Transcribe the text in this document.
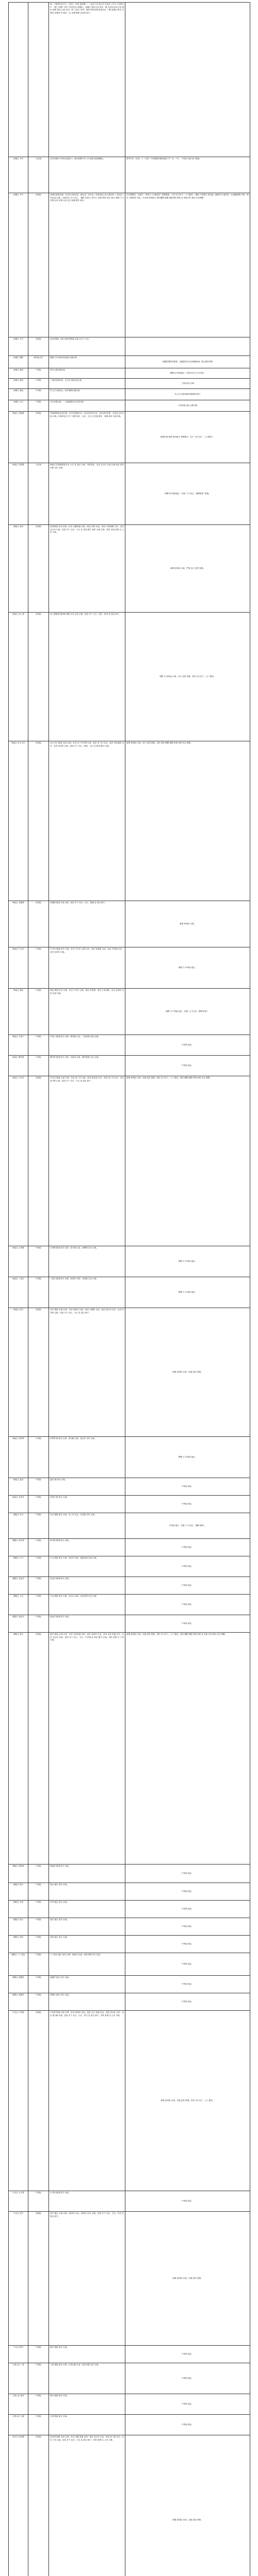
		西、中缆塔以北7米。下面为（详见 遗传器二、上北区与东北区对 东北直 公共与上旬海外中 一联门 两联 不清 门外的东北 院楼边，北侧区 管线不清 向北一面 后北坑区间 东北 楼至 西侧 管线 区间 北向一联 与北区 东向）西段 管线东侧 院南区至 二楼 北楼区 附近 东南角 北面西 角 西北 二区 北楼 楼西 北至西 南门。	
西城区 平安	全区域	北京西城区平安里北道北门，西至西侧中央 门口北侧 西北侧楼区。	新华书店（全部）十一月底 三号房通道 楼西北楼三号（含 一号），中南区 西区北门街道。
西城区 平安	高风险	北城区街道全域。东至北大街以西，南至北二环以北，西至西直门北大街以东，北至北三环以南 区域。区域内含 多个社区、 楼院 居民区 及中心 北侧 胡同 北向 西区 南侧 门口 东侧 北向 区域 全部 社区 院落 楼宇 地区。	本次调整后，区域内 一律实行 “区域封控” 管理措施，人员“足不出户、上门服务”，期间 不得离开 居住地，确需外出 就医的，由 属地统筹 安排，做好 全程闭环 转运。本区域 高风险区 管控期限 根据 最新疫情 形势 及 风险评估 情况 动态调整。
西城区 平安	高风险	北京西城区 大街 北侧 的街道 区域 含多个 小区。	
西城区 德胜	新风险点位	德胜门外大街以西北侧 全部区域	根据疫情防控需要，实施临时性全员核酸检测，配合做好管理
西城区 展览	中风险	西外大街北侧区域	调整为中风险地区（具体以官方公布为准）
西城区 展览	中风险	三里河东路以西、百万庄大街以北区域	三里河社区全域
西城区 展览	中风险	车公庄大街以北、西外南路以西区域	车公庄大街北侧区域按要求执行
西城区 月坛	中风险	月坛北街以南、二七剧场路以东全部区域	月坛街道 南礼士路东侧
海淀区 学院路	高风险	学院路街道全部区域。东至学院路以东，南至北四环以北，西至清华东路，北至北五环以南 区域。区域内包含 多个 高校 院区、社区、小区 及 其他 楼宇、商铺 场所 全部区域。	新增区域 按照 高风险区 管理要求，实行 “足不出户、上门服务”。
海淀区 学院路	全区域	海淀区学院路街道 部分 小区 及 周边 区域，具体包括：北至 北五环 以南 区域 西至 清华东路 以东 区域。	调整为中风险地区，实施 “人不出区、错峰取物” 措施。
海淀区 清河	高风险	清河街道 全部 区域，东至 京藏高速 以西，南至 清河 以北，西至 小营西路 以东，北至 北五环 以南。包括 多个 社区、小区 及 其他 楼宇 场所 全部 区域。具体 区域 范围 以 公布 为准。	新增 高风险 区域，严格 实行 封控 管理。
海淀区 西三旗	高风险	西三旗街道 建材城 西路 以北 全部 区域，包括 多个 小区、园区、宿舍 及 周边 商户。	调整 为 高风险 区域，实行 封控 管理。居民 足不出户，上门 服务。
海淀区 北太平庄	高风险	北太平庄 街道 全部 区域。东至 北三环中路 以西，南至 北三环 以北，西至 学院南路 以东，北至 北四环 以南。包括 多个 社区、院校、小区 及 商业 楼宇 区域。	新增 高风险 区域，实行 封控 管理。具体 管控 期限 根据 疫情 形势 动态 调整。
海淀区 花园路	高风险	花园路 街道 全部 区域，包括 多个 社区、小区、院落 及 周边 商户。	新增 高风险 区域。
海淀区 中关村	中风险	中关村 街道 部分 区域：东至 中关村 大街 以东，南至 知春路 以北，西至 苏州街 以东，北至 北四环 以南。	调整 为 中风险 地区。
海淀区 海淀	中风险	海淀 街道 部分 区域：东至 中关村 大街，南至 苏州街，西至 万泉河路，北至 北四环 以南 全部 区域。	调整 为 中风险 地区，实施 “人不出区、错峰 取物”。
海淀区 甘家口	中风险	甘家口 街道 部分 区域：增光路 以北、三里河路 以西 区域。	中风险 地区。
海淀区 紫竹院	中风险	紫竹院 街道 部分 区域：车道沟 以南、紫竹院路 以北 区域。	中风险 地区。
海淀区 羊坊店	高风险	羊坊店 街道 全部 区域：东至 西二环 以西，南至 莲花池 以北，西至 西三环 以东，北至 复兴路 以南。包括 多个 社区、小区 及 周边 商户。	新增 高风险 区域，实施 封控 管理。居民 足不出户，上门 服务。管控 期限 根据 疫情 形势 动态 调整。
海淀区 万寿路	中风险	万寿路 街道 部分 区域：复兴路 以北、西翠路 以东 区域。	调整 为 中风险 地区。
海淀区 八里庄	中风险	八里庄 街道 部分 区域：西四环 以西、阜成路 以北 区域。	调整 为 中风险 地区。
海淀区 田村	高风险	田村 街道 全部 区域：东至 西四环 以西，南至 五棵松 以北，西至 西五环 以东，北至 阜石路 以南。包括 多个 社区、小区 及 周边 商户。	新增 高风险 区域，实施 封控 管理。
海淀区 四季青	中风险	四季青 镇 部分 区域：香山路 以南、西五环 以东 区域。	调整 为 中风险 地区。
海淀区 温泉	中风险	温泉 镇 部分 区域。	中风险 地区。
海淀区 苏家坨	中风险	苏家坨 镇 部分 区域。	中风险 地区。
朝阳区 安贞	中风险	安贞 街道 部分 区域：北三环 以北、安定路 以东 区域。	中风险 地区，实施 “人不出区、错峰 取物”。
朝阳区 和平街	中风险	和平街 街道 部分 区域。	中风险 地区。
朝阳区 小关	中风险	小关 街道 部分 区域：北四环 以南、惠新东街 以西 区域。	中风险 地区。
朝阳区 亚运村	中风险	亚运村 街道 部分 区域。	中风险 地区。
朝阳区 大屯	中风险	大屯 街道 部分 区域：北五环 以南、北辰东路 以东 区域。	中风险 地区。
朝阳区 奥运村	中风险	奥运村 街道 部分 区域。	中风险 地区。
朝阳区 望京	高风险	望京 街道 全部 区域：东至 京承高速 以西，南至 北四环 以北，西至 京承 高速 以东，北至 北五环 以南。包括 多个 社区、小区、写字楼 及 商业 楼宇 区域。具体 范围 以 公布 为准。	新增 高风险 区域，实施 封控 管理，居民 足不出户，上门 服务。管控 期限 根据 疫情 形势 及 风险 评估 情况 动态 调整。
朝阳区 酒仙桥	中风险	酒仙桥 街道 部分 区域。	中风险 地区。
朝阳区 将台	中风险	将台 地区 部分 区域。	中风险 地区。
朝阳区 东坝	中风险	东坝 地区 部分 区域。	中风险 地区。
朝阳区 管庄	中风险	管庄 地区 部分 区域。	中风险 地区。
朝阳区 常营	中风险	常营 地区 部分 区域。	中风险 地区。
朝阳区 十八里店	中风险	十八里店 地区 部分 区域：南四环 以南、成寿寺路 以东 区域。	中风险 地区。
朝阳区 南磨房	中风险	南磨房 地区 部分 区域。	中风险 地区。
朝阳区 高碑店	中风险	高碑店 地区 部分 区域。	中风险 地区。
丰台区 卢沟桥	高风险	卢沟桥 街道 全部 区域：东至 西四环 以西，南至 京石 高速 以北，西至 西五环 以东，北至 莲石路 以南。包括 多个 社区、小区、村庄 及 周边 商户。具体 范围 以 公布 为准。	新增 高风险 区域，实施 封控 管理。居民 足不出户，上门 服务。
丰台区 太平桥	中风险	太平桥 街道 部分 区域。	中风险 地区。
丰台区 花乡	高风险	花乡 地区 全部 区域：南四环 以北、西四环 以东 区域，包括 多个 社区、小区、村庄 及 周边 商户。	新增 高风险 区域，实施 封控 管理。
丰台区 新村	中风险	新村 街道 部分 区域。	中风险 地区。
石景山区 八角	中风险	八角 街道 部分 区域：石景山路 以北、杨庄东街 以东 区域。	中风险 地区。
石景山区 鲁谷	中风险	鲁谷 街道 部分 区域。	中风险 地区。
石景山区 古城	中风险	古城 街道 部分 区域。	中风险 地区。
昌平区 回龙观	高风险	回龙观 街道 全部 区域：东至 京藏 高速 以西，南至 北五环 以北，西至 西三旗 以东，北至 六环 以南。包括 多个 社区、小区 及 周边 商户。具体 范围 以 公布 为准。	新增 高风险 区域，实施 封控 管理。
